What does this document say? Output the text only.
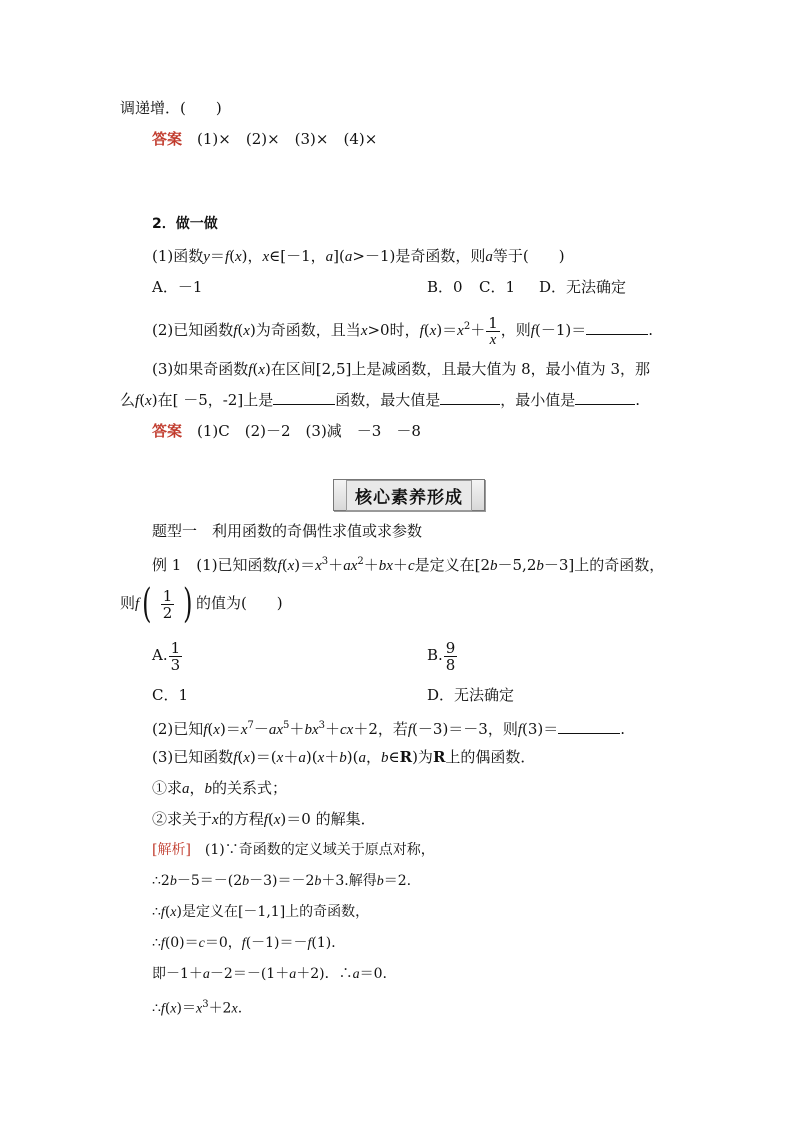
调递增．(　　)
答案　 (1)×　(2)×　(3)×　(4)×
2．做一做
(1)函数y＝f(x)，x∈[－1，a](a>－1)是奇函数，则a等于(　　)
A．－1	B．0 C．1 D．无法确定
(2)已知函数f(x)为奇函数，且当x>0时，$f(x)=x^2+ \frac{1}{x}$ ，则f(－1)＝	.
(3)如果奇函数f(x)在区间[2,5]上是减函数，且最大值为 8，最小值为 3，那
么f(x)在[ －5，-2]上是	函数，最大值是	，最小值是	.
答案　 (1)C　(2)－2　(3)减　－3　－8
核心素养形成
题型一　利用函数的奇偶性求值或求参数
例 1　(1)已知函数$f(x)=x^3+ax^2+bx+c$是定义在[2b－5,2b－3]上的奇函数，
则$f( \frac{1}{2}$ ) 的值为(　　)
A. $\frac{1}{3}$	B. $\frac{9}{8}$
C．1	D．无法确定
(2)已知$f(x)=x^7-ax^5+bx^3+cx+2$，若f(－3)＝－3，则f(3)＝	.
(3)已知函数f(x)＝(x＋a)(x＋b)(a，b∈R)为R上的偶函数．
①求a，b的关系式；
②求关于x的方程f(x)＝0 的解集．
[解析]　(1)∵奇函数的定义域关于原点对称，
∴2b－5＝－(2b－3)＝－2b＋3.解得b＝2.
∴f(x)是定义在[－1,1]上的奇函数，
∴f(0)＝c＝0，f(－1)＝－f(1)．
即－1＋a－2＝－(1＋a＋2)．∴a＝0.
$\therefore f(x)=x^3+2x$.
